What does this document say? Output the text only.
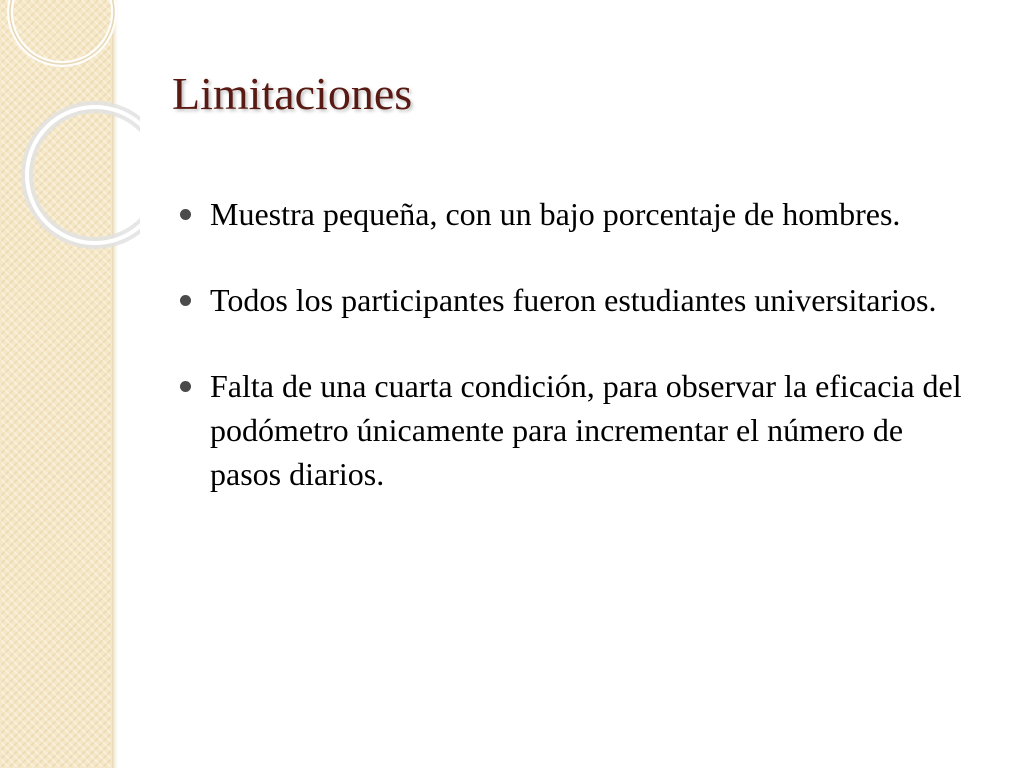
Limitaciones
Muestra pequeña, con un bajo porcentaje de hombres.
Todos los participantes fueron estudiantes universitarios.
Falta de una cuarta condición, para observar la eficacia del podómetro únicamente para incrementar el número de pasos diarios.
